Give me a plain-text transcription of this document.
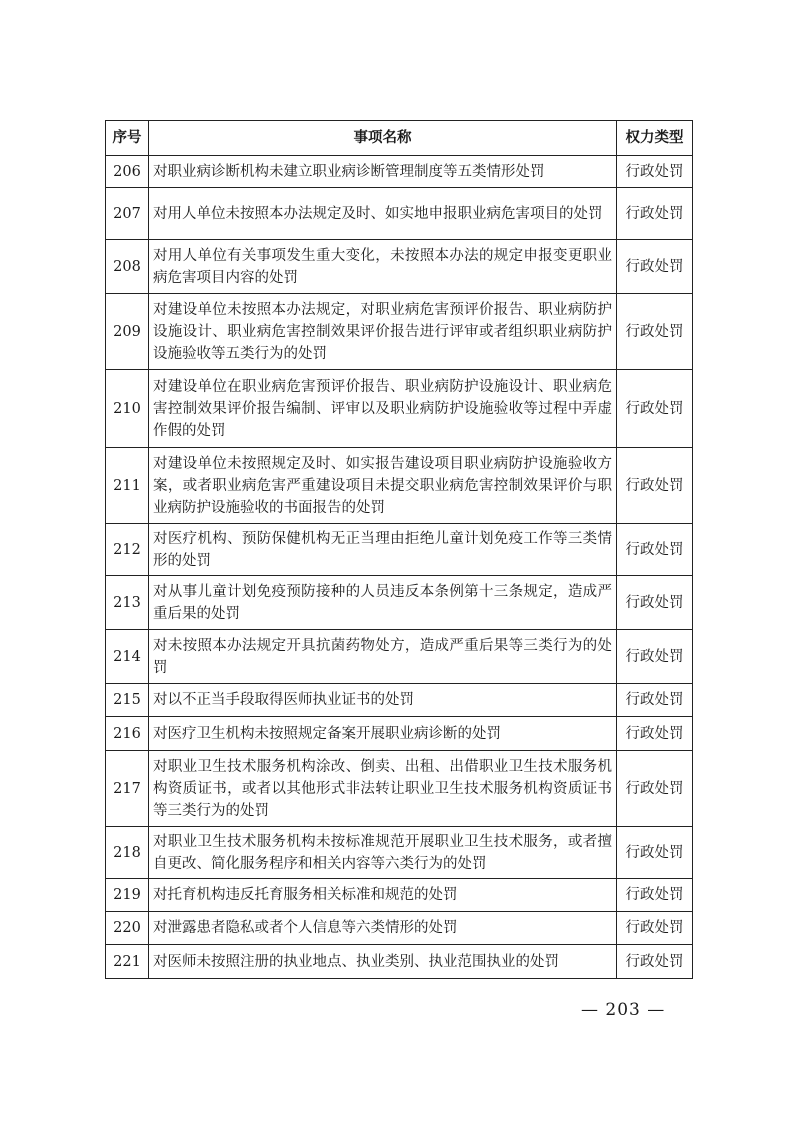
序号	事项名称	权力类型
206	对职业病诊断机构未建立职业病诊断管理制度等五类情形处罚	行政处罚
207	对用人单位未按照本办法规定及时、如实地申报职业病危害项目的处罚	行政处罚
208	对用人单位有关事项发生重大变化，未按照本办法的规定申报变更职业病危害项目内容的处罚	行政处罚
209	对建设单位未按照本办法规定，对职业病危害预评价报告、职业病防护设施设计、职业病危害控制效果评价报告进行评审或者组织职业病防护设施验收等五类行为的处罚	行政处罚
210	对建设单位在职业病危害预评价报告、职业病防护设施设计、职业病危害控制效果评价报告编制、评审以及职业病防护设施验收等过程中弄虚作假的处罚	行政处罚
211	对建设单位未按照规定及时、如实报告建设项目职业病防护设施验收方案，或者职业病危害严重建设项目未提交职业病危害控制效果评价与职业病防护设施验收的书面报告的处罚	行政处罚
212	对医疗机构、预防保健机构无正当理由拒绝儿童计划免疫工作等三类情形的处罚	行政处罚
213	对从事儿童计划免疫预防接种的人员违反本条例第十三条规定，造成严重后果的处罚	行政处罚
214	对未按照本办法规定开具抗菌药物处方，造成严重后果等三类行为的处罚	行政处罚
215	对以不正当手段取得医师执业证书的处罚	行政处罚
216	对医疗卫生机构未按照规定备案开展职业病诊断的处罚	行政处罚
217	对职业卫生技术服务机构涂改、倒卖、出租、出借职业卫生技术服务机构资质证书，或者以其他形式非法转让职业卫生技术服务机构资质证书等三类行为的处罚	行政处罚
218	对职业卫生技术服务机构未按标准规范开展职业卫生技术服务，或者擅自更改、简化服务程序和相关内容等六类行为的处罚	行政处罚
219	对托育机构违反托育服务相关标准和规范的处罚	行政处罚
220	对泄露患者隐私或者个人信息等六类情形的处罚	行政处罚
221	对医师未按照注册的执业地点、执业类别、执业范围执业的处罚	行政处罚
— 203 —
